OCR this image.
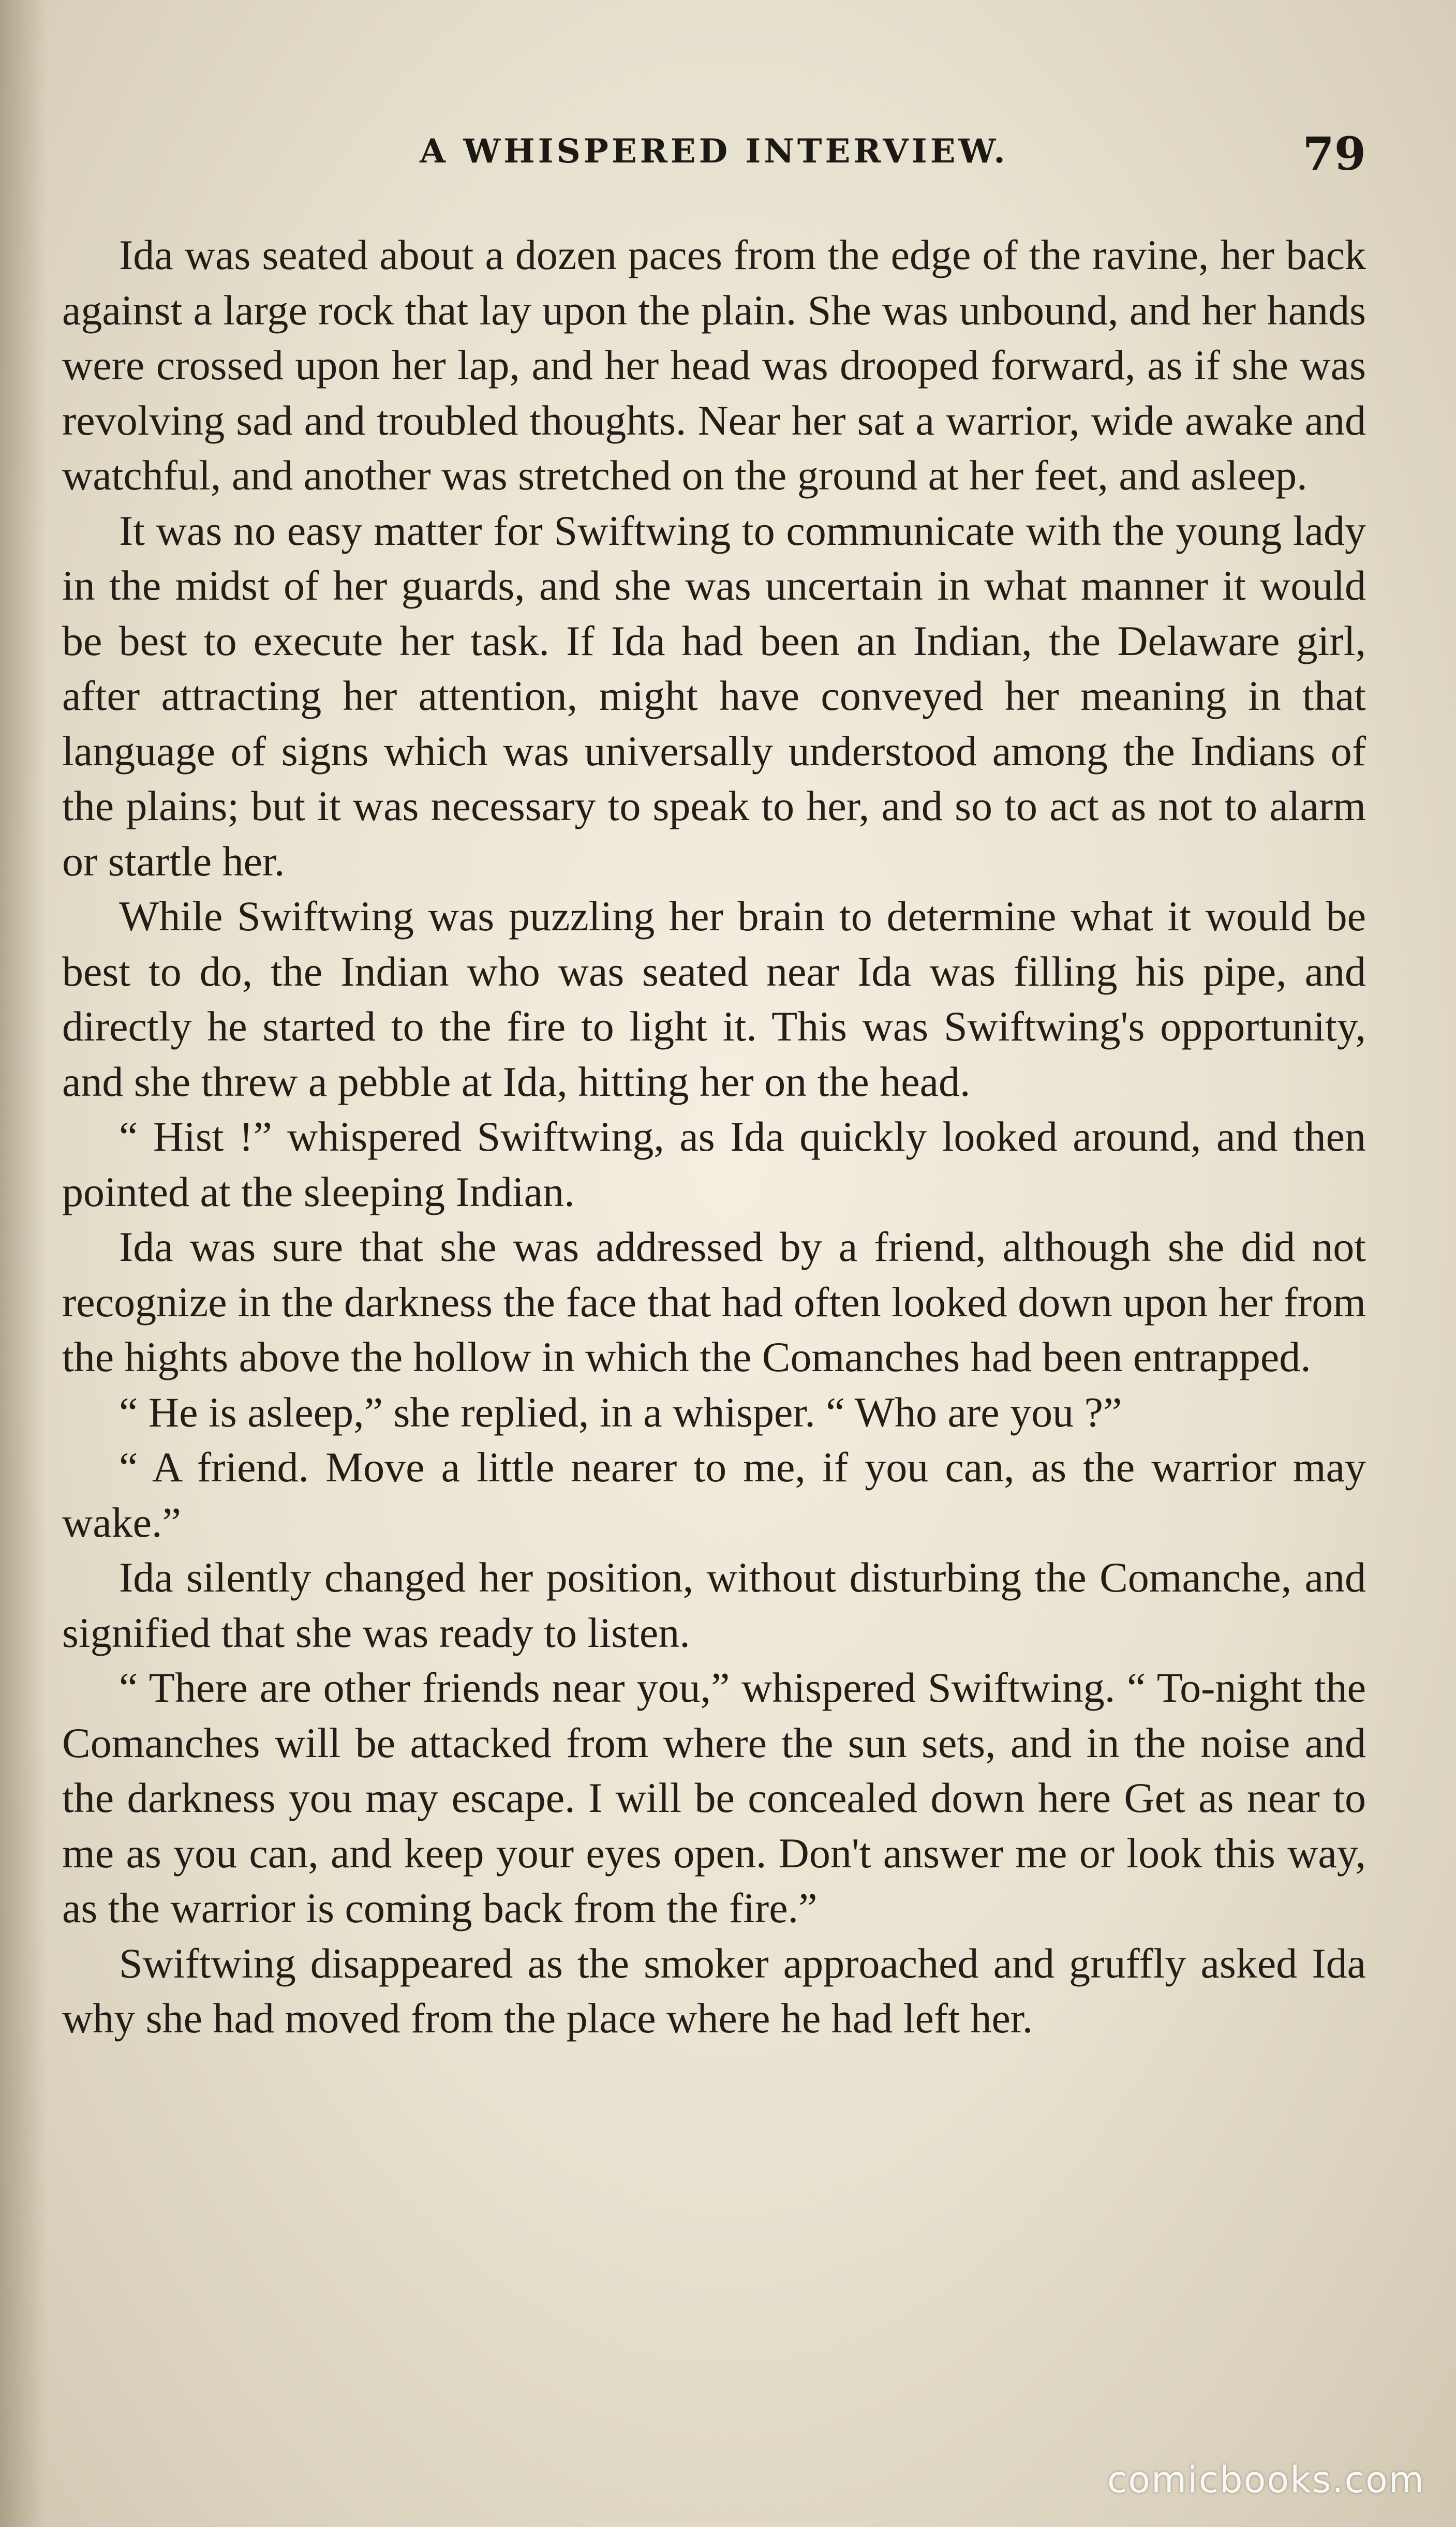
A WHISPERED INTERVIEW.	79

Ida was seated about a dozen paces from the edge of the ravine, her back against a large rock that lay upon the plain. She was unbound, and her hands were crossed upon her lap, and her head was drooped forward, as if she was revolving sad and troubled thoughts. Near her sat a warrior, wide awake and watchful, and another was stretched on the ground at her feet, and asleep.

It was no easy matter for Swiftwing to communicate with the young lady in the midst of her guards, and she was uncertain in what manner it would be best to execute her task. If Ida had been an Indian, the Delaware girl, after attracting her attention, might have conveyed her meaning in that language of signs which was universally understood among the Indians of the plains; but it was necessary to speak to her, and so to act as not to alarm or startle her.

While Swiftwing was puzzling her brain to determine what it would be best to do, the Indian who was seated near Ida was filling his pipe, and directly he started to the fire to light it. This was Swiftwing's opportunity, and she threw a pebble at Ida, hitting her on the head.

“ Hist !” whispered Swiftwing, as Ida quickly looked around, and then pointed at the sleeping Indian.

Ida was sure that she was addressed by a friend, although she did not recognize in the darkness the face that had often looked down upon her from the hights above the hollow in which the Comanches had been entrapped.

“ He is asleep,” she replied, in a whisper. “ Who are you ?”

“ A friend. Move a little nearer to me, if you can, as the warrior may wake.”

Ida silently changed her position, without disturbing the Comanche, and signified that she was ready to listen.

“ There are other friends near you,” whispered Swiftwing. “ To-night the Comanches will be attacked from where the sun sets, and in the noise and the darkness you may escape. I will be concealed down here Get as near to me as you can, and keep your eyes open. Don't answer me or look this way, as the warrior is coming back from the fire.”

Swiftwing disappeared as the smoker approached and gruffly asked Ida why she had moved from the place where he had left her.

comicbooks.com
